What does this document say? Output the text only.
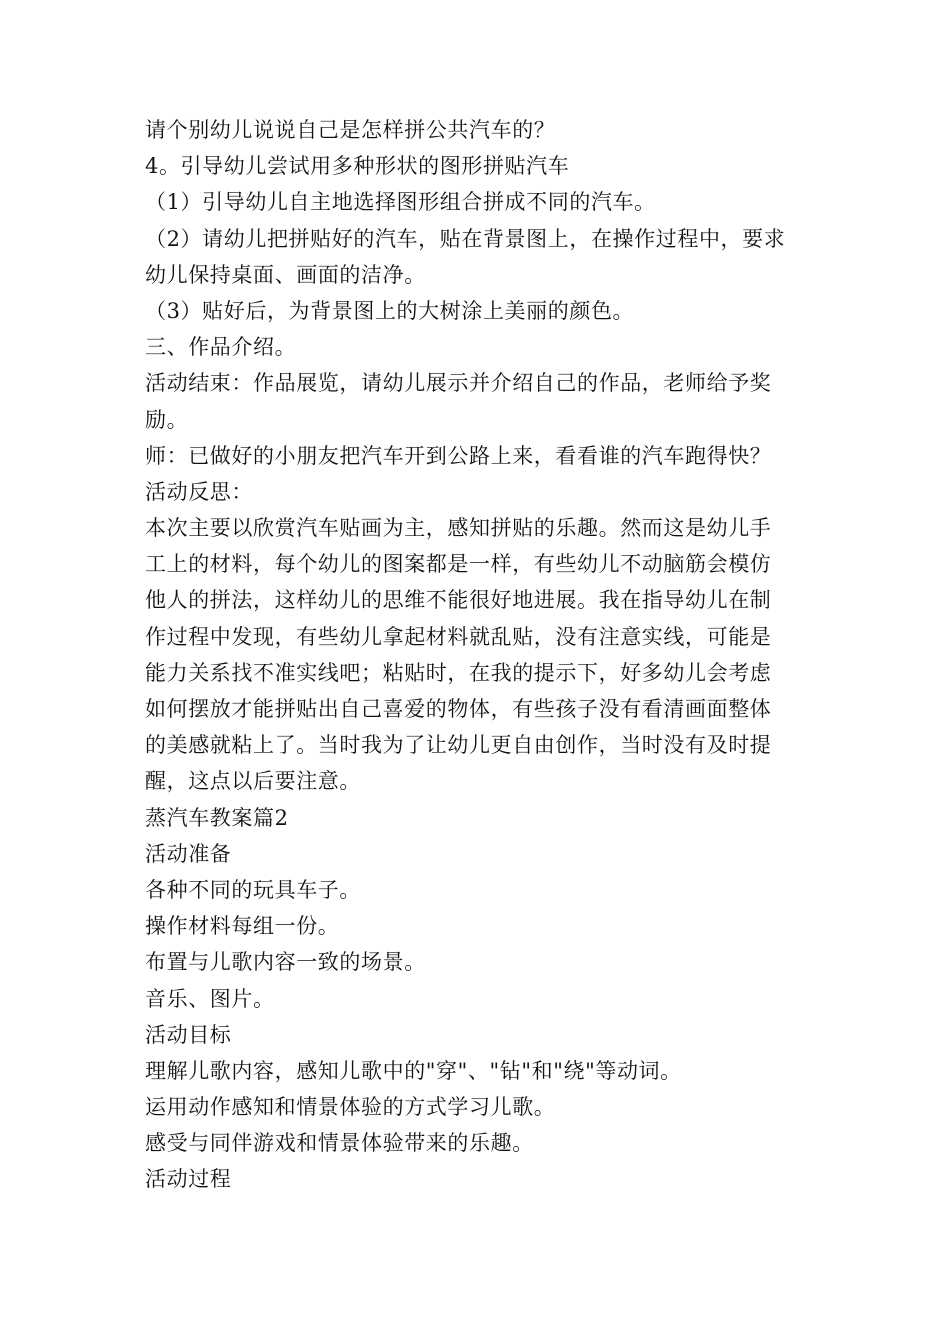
请个别幼儿说说自己是怎样拼公共汽车的？
4。引导幼儿尝试用多种形状的图形拼贴汽车
（1）引导幼儿自主地选择图形组合拼成不同的汽车。
（2）请幼儿把拼贴好的汽车，贴在背景图上，在操作过程中，要求
幼儿保持桌面、画面的洁净。
（3）贴好后，为背景图上的大树涂上美丽的颜色。
三、作品介绍。
活动结束：作品展览，请幼儿展示并介绍自己的作品，老师给予奖
励。
师：已做好的小朋友把汽车开到公路上来，看看谁的汽车跑得快？
活动反思：
本次主要以欣赏汽车贴画为主，感知拼贴的乐趣。然而这是幼儿手
工上的材料，每个幼儿的图案都是一样，有些幼儿不动脑筋会模仿
他人的拼法，这样幼儿的思维不能很好地进展。我在指导幼儿在制
作过程中发现，有些幼儿拿起材料就乱贴，没有注意实线，可能是
能力关系找不准实线吧；粘贴时，在我的提示下，好多幼儿会考虑
如何摆放才能拼贴出自己喜爱的物体，有些孩子没有看清画面整体
的美感就粘上了。当时我为了让幼儿更自由创作，当时没有及时提
醒，这点以后要注意。
蒸汽车教案篇2
活动准备
各种不同的玩具车子。
操作材料每组一份。
布置与儿歌内容一致的场景。
音乐、图片。
活动目标
理解儿歌内容，感知儿歌中的"穿"、"钻"和"绕"等动词。
运用动作感知和情景体验的方式学习儿歌。
感受与同伴游戏和情景体验带来的乐趣。
活动过程
